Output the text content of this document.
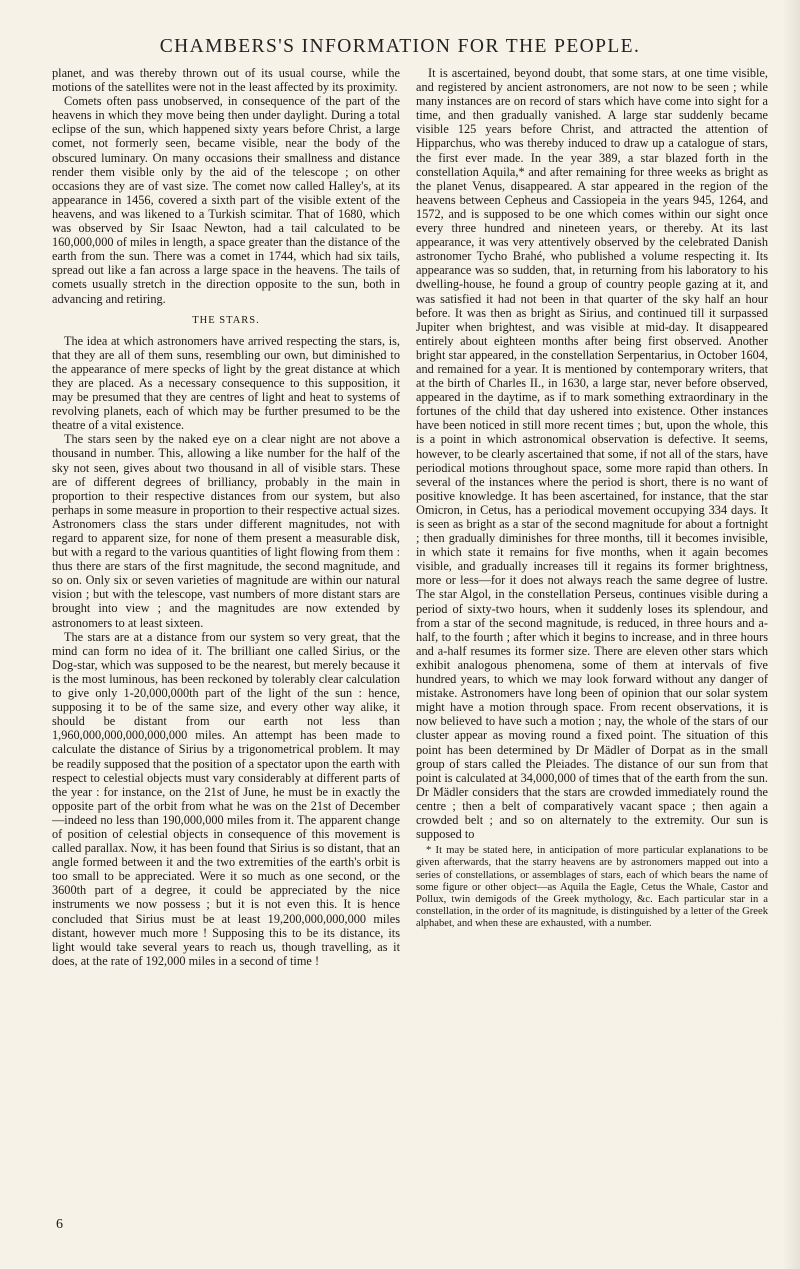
CHAMBERS'S INFORMATION FOR THE PEOPLE.

planet, and was thereby thrown out of its usual course, while the motions of the satellites were not in the least affected by its proximity.

Comets often pass unobserved, in consequence of the part of the heavens in which they move being then under daylight. During a total eclipse of the sun, which happened sixty years before Christ, a large comet, not formerly seen, became visible, near the body of the obscured luminary. On many occasions their smallness and distance render them visible only by the aid of the telescope ; on other occasions they are of vast size. The comet now called Halley's, at its appearance in 1456, covered a sixth part of the visible extent of the heavens, and was likened to a Turkish scimitar. That of 1680, which was observed by Sir Isaac Newton, had a tail calculated to be 160,000,000 of miles in length, a space greater than the distance of the earth from the sun. There was a comet in 1744, which had six tails, spread out like a fan across a large space in the heavens. The tails of comets usually stretch in the direction opposite to the sun, both in advancing and retiring.

THE STARS.

The idea at which astronomers have arrived respecting the stars, is, that they are all of them suns, resembling our own, but diminished to the appearance of mere specks of light by the great distance at which they are placed. As a necessary consequence to this supposition, it may be presumed that they are centres of light and heat to systems of revolving planets, each of which may be further presumed to be the theatre of a vital existence.

The stars seen by the naked eye on a clear night are not above a thousand in number. This, allowing a like number for the half of the sky not seen, gives about two thousand in all of visible stars. These are of different degrees of brilliancy, probably in the main in proportion to their respective distances from our system, but also perhaps in some measure in proportion to their respective actual sizes. Astronomers class the stars under different magnitudes, not with regard to apparent size, for none of them present a measurable disk, but with a regard to the various quantities of light flowing from them : thus there are stars of the first magnitude, the second magnitude, and so on. Only six or seven varieties of magnitude are within our natural vision ; but with the telescope, vast numbers of more distant stars are brought into view ; and the magnitudes are now extended by astronomers to at least sixteen.

The stars are at a distance from our system so very great, that the mind can form no idea of it. The brilliant one called Sirius, or the Dog-star, which was supposed to be the nearest, but merely because it is the most luminous, has been reckoned by tolerably clear calculation to give only 1-20,000,000th part of the light of the sun : hence, supposing it to be of the same size, and every other way alike, it should be distant from our earth not less than 1,960,000,000,000,000,000 miles. An attempt has been made to calculate the distance of Sirius by a trigonometrical problem. It may be readily supposed that the position of a spectator upon the earth with respect to celestial objects must vary considerably at different parts of the year : for instance, on the 21st of June, he must be in exactly the opposite part of the orbit from what he was on the 21st of December—indeed no less than 190,000,000 miles from it. The apparent change of position of celestial objects in consequence of this movement is called parallax. Now, it has been found that Sirius is so distant, that an angle formed between it and the two extremities of the earth's orbit is too small to be appreciated. Were it so much as one second, or the 3600th part of a degree, it could be appreciated by the nice instruments we now possess ; but it is not even this. It is hence concluded that Sirius must be at least 19,200,000,000,000 miles distant, however much more ! Supposing this to be its distance, its light would take several years to reach us, though travelling, as it does, at the rate of 192,000 miles in a second of time !

It is ascertained, beyond doubt, that some stars, at one time visible, and registered by ancient astronomers, are not now to be seen ; while many instances are on record of stars which have come into sight for a time, and then gradually vanished. A large star suddenly became visible 125 years before Christ, and attracted the attention of Hipparchus, who was thereby induced to draw up a catalogue of stars, the first ever made. In the year 389, a star blazed forth in the constellation Aquila,* and after remaining for three weeks as bright as the planet Venus, disappeared. A star appeared in the region of the heavens between Cepheus and Cassiopeia in the years 945, 1264, and 1572, and is supposed to be one which comes within our sight once every three hundred and nineteen years, or thereby. At its last appearance, it was very attentively observed by the celebrated Danish astronomer Tycho Brahé, who published a volume respecting it. Its appearance was so sudden, that, in returning from his laboratory to his dwelling-house, he found a group of country people gazing at it, and was satisfied it had not been in that quarter of the sky half an hour before. It was then as bright as Sirius, and continued till it surpassed Jupiter when brightest, and was visible at mid-day. It disappeared entirely about eighteen months after being first observed. Another bright star appeared, in the constellation Serpentarius, in October 1604, and remained for a year. It is mentioned by contemporary writers, that at the birth of Charles II., in 1630, a large star, never before observed, appeared in the daytime, as if to mark something extraordinary in the fortunes of the child that day ushered into existence. Other instances have been noticed in still more recent times ; but, upon the whole, this is a point in which astronomical observation is defective. It seems, however, to be clearly ascertained that some, if not all of the stars, have periodical motions throughout space, some more rapid than others. In several of the instances where the period is short, there is no want of positive knowledge. It has been ascertained, for instance, that the star Omicron, in Cetus, has a periodical movement occupying 334 days. It is seen as bright as a star of the second magnitude for about a fortnight ; then gradually diminishes for three months, till it becomes invisible, in which state it remains for five months, when it again becomes visible, and gradually increases till it regains its former brightness, more or less—for it does not always reach the same degree of lustre. The star Algol, in the constellation Perseus, continues visible during a period of sixty-two hours, when it suddenly loses its splendour, and from a star of the second magnitude, is reduced, in three hours and a-half, to the fourth ; after which it begins to increase, and in three hours and a-half resumes its former size. There are eleven other stars which exhibit analogous phenomena, some of them at intervals of five hundred years, to which we may look forward without any danger of mistake. Astronomers have long been of opinion that our solar system might have a motion through space. From recent observations, it is now believed to have such a motion ; nay, the whole of the stars of our cluster appear as moving round a fixed point. The situation of this point has been determined by Dr Mädler of Dorpat as in the small group of stars called the Pleiades. The distance of our sun from that point is calculated at 34,000,000 of times that of the earth from the sun. Dr Mädler considers that the stars are crowded immediately round the centre ; then a belt of comparatively vacant space ; then again a crowded belt ; and so on alternately to the extremity. Our sun is supposed to

* It may be stated here, in anticipation of more particular explanations to be given afterwards, that the starry heavens are by astronomers mapped out into a series of constellations, or assemblages of stars, each of which bears the name of some figure or other object—as Aquila the Eagle, Cetus the Whale, Castor and Pollux, twin demigods of the Greek mythology, &c. Each particular star in a constellation, in the order of its magnitude, is distinguished by a letter of the Greek alphabet, and when these are exhausted, with a number.

6
